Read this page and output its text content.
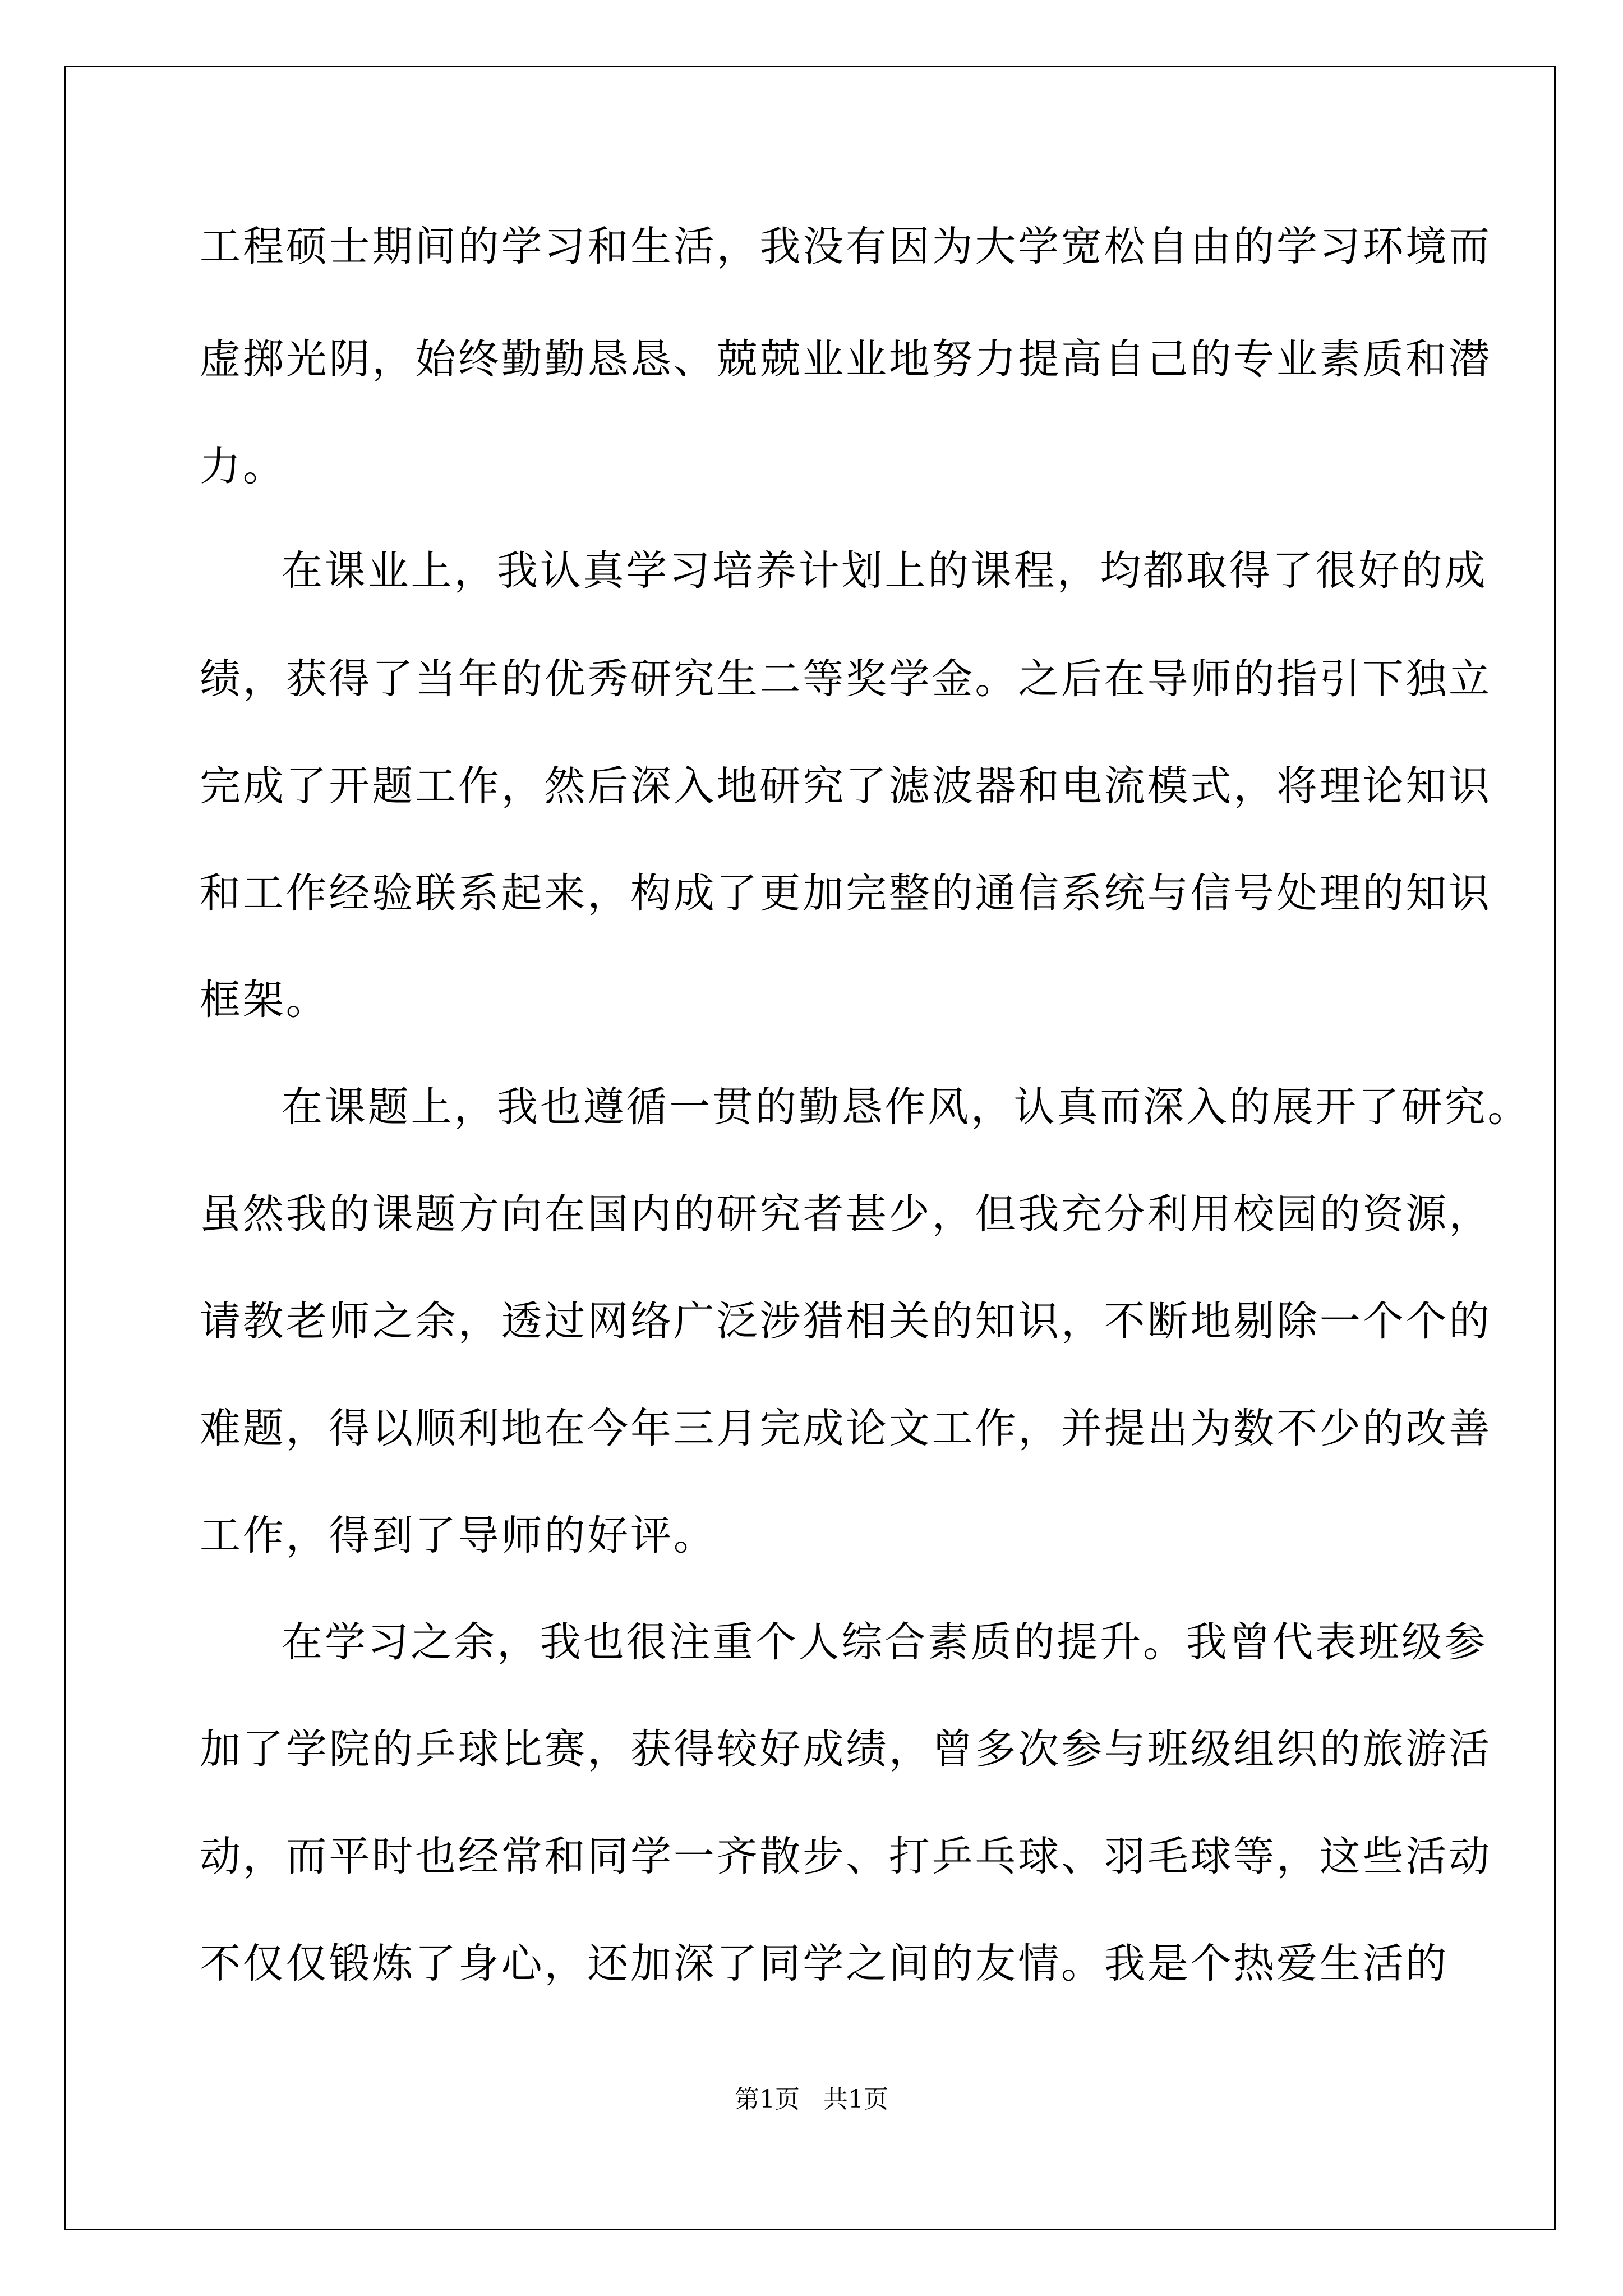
工程硕士期间的学习和生活，我没有因为大学宽松自由的学习环境而
虚掷光阴，始终勤勤恳恳、兢兢业业地努力提高自己的专业素质和潜
力。
在课业上，我认真学习培养计划上的课程，均都取得了很好的成
绩，获得了当年的优秀研究生二等奖学金。之后在导师的指引下独立
完成了开题工作，然后深入地研究了滤波器和电流模式，将理论知识
和工作经验联系起来，构成了更加完整的通信系统与信号处理的知识
框架。
在课题上，我也遵循一贯的勤恳作风，认真而深入的展开了研究。
虽然我的课题方向在国内的研究者甚少，但我充分利用校园的资源，
请教老师之余，透过网络广泛涉猎相关的知识，不断地剔除一个个的
难题，得以顺利地在今年三月完成论文工作，并提出为数不少的改善
工作，得到了导师的好评。
在学习之余，我也很注重个人综合素质的提升。我曾代表班级参
加了学院的乒球比赛，获得较好成绩，曾多次参与班级组织的旅游活
动，而平时也经常和同学一齐散步、打乒乓球、羽毛球等，这些活动
不仅仅锻炼了身心，还加深了同学之间的友情。我是个热爱生活的
第1页   共1页
